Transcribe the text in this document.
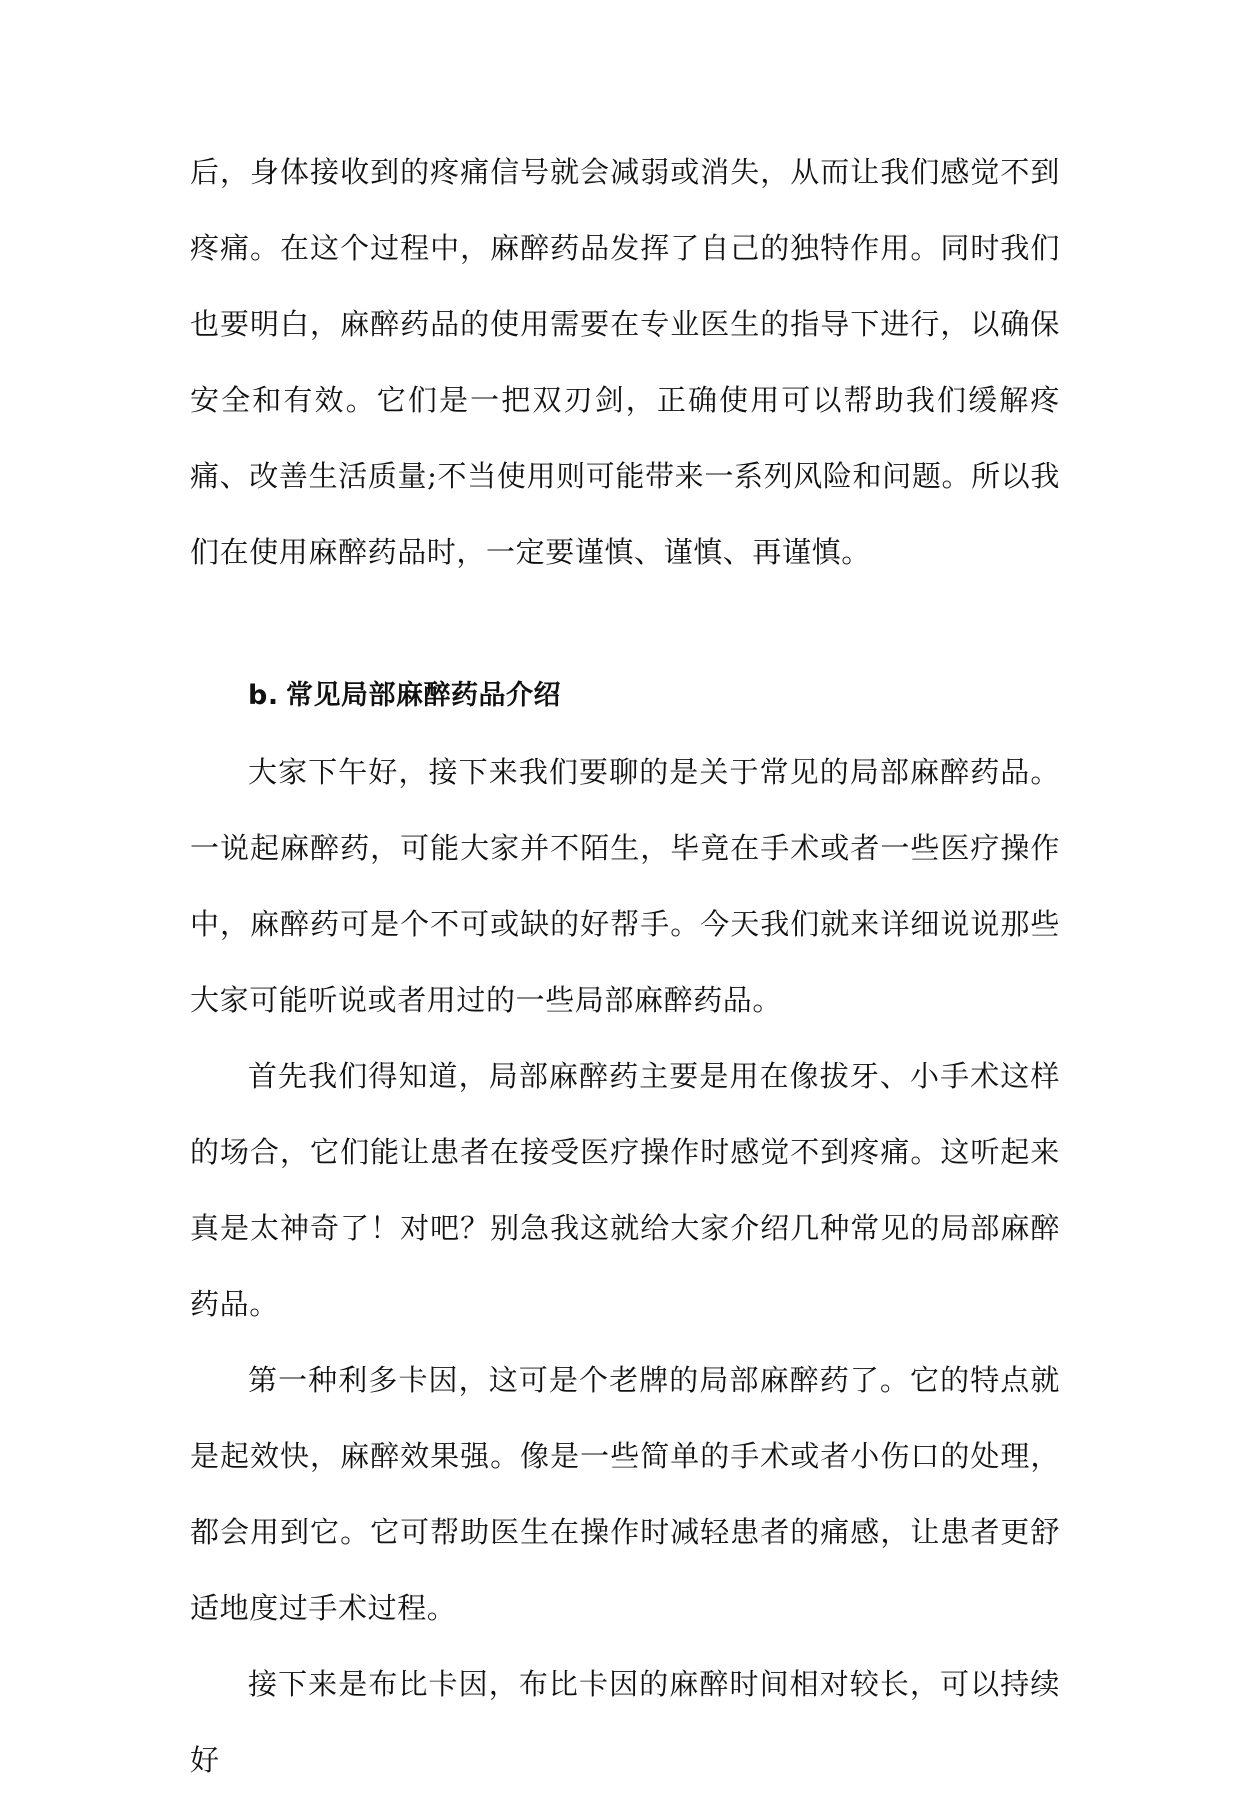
后，身体接收到的疼痛信号就会减弱或消失，从而让我们感觉不到疼痛。在这个过程中，麻醉药品发挥了自己的独特作用。同时我们也要明白，麻醉药品的使用需要在专业医生的指导下进行，以确保安全和有效。它们是一把双刃剑，正确使用可以帮助我们缓解疼痛、改善生活质量;不当使用则可能带来一系列风险和问题。所以我们在使用麻醉药品时，一定要谨慎、谨慎、再谨慎。

b. 常见局部麻醉药品介绍

大家下午好，接下来我们要聊的是关于常见的局部麻醉药品。一说起麻醉药，可能大家并不陌生，毕竟在手术或者一些医疗操作中，麻醉药可是个不可或缺的好帮手。今天我们就来详细说说那些大家可能听说或者用过的一些局部麻醉药品。

首先我们得知道，局部麻醉药主要是用在像拔牙、小手术这样的场合，它们能让患者在接受医疗操作时感觉不到疼痛。这听起来真是太神奇了！对吧？别急我这就给大家介绍几种常见的局部麻醉药品。

第一种利多卡因，这可是个老牌的局部麻醉药了。它的特点就是起效快，麻醉效果强。像是一些简单的手术或者小伤口的处理，都会用到它。它可帮助医生在操作时减轻患者的痛感，让患者更舒适地度过手术过程。

接下来是布比卡因，布比卡因的麻醉时间相对较长，可以持续好
